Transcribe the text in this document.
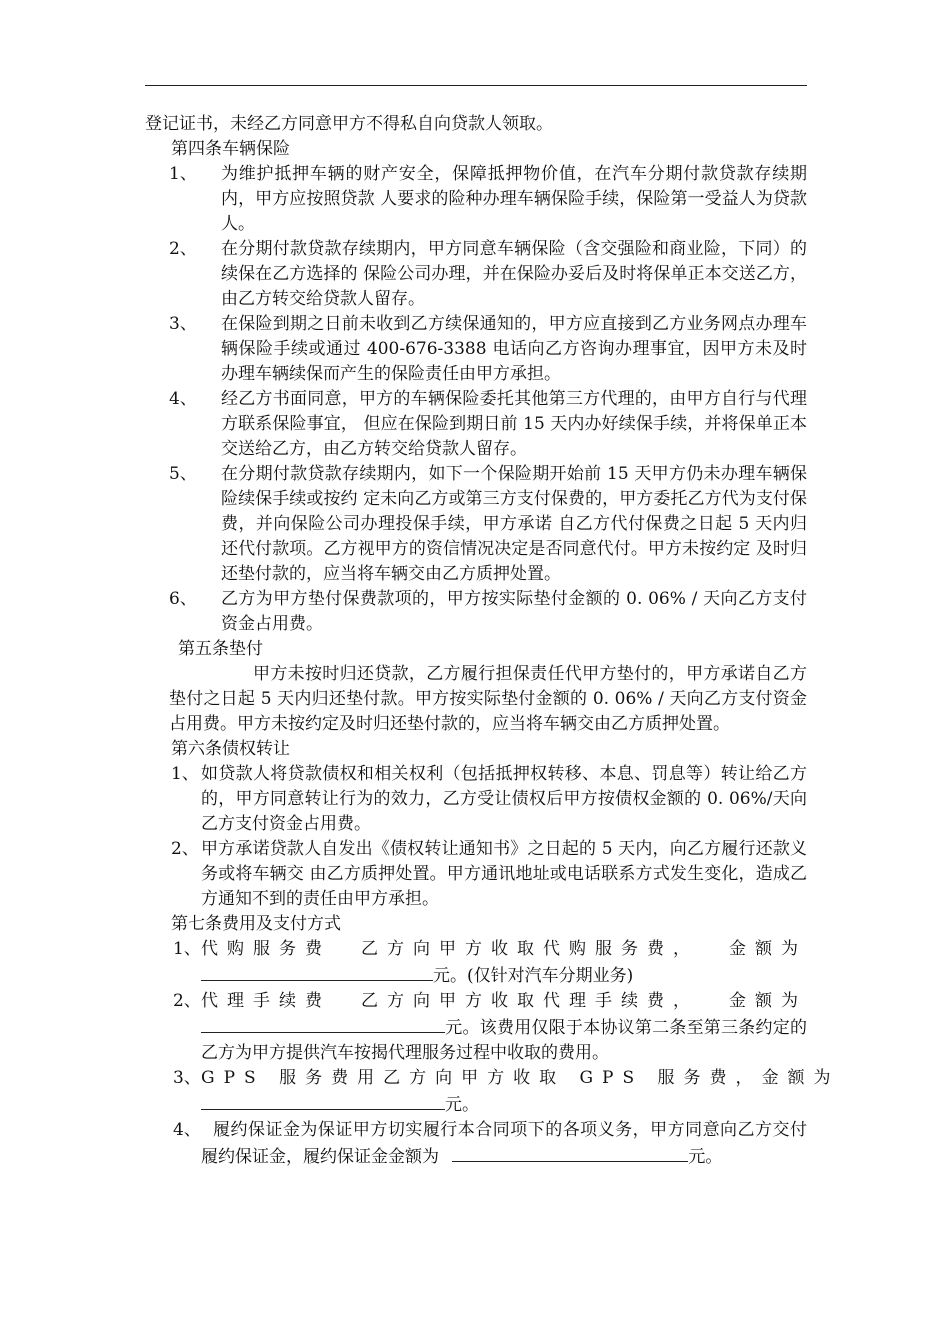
登记证书，未经乙方同意甲方不得私自向贷款人领取。
第四条车辆保险
1、 为维护抵押车辆的财产安全，保障抵押物价值，在汽车分期付款贷款存续期内，甲方应按照贷款 人要求的险种办理车辆保险手续，保险第一受益人为贷款人。
2、 在分期付款贷款存续期内，甲方同意车辆保险（含交强险和商业险，下同）的续保在乙方选择的 保险公司办理，并在保险办妥后及时将保单正本交送乙方，由乙方转交给贷款人留存。
3、 在保险到期之日前未收到乙方续保通知的，甲方应直接到乙方业务网点办理车辆保险手续或通过 400-676-3388 电话向乙方咨询办理事宜，因甲方未及时办理车辆续保而产生的保险责任由甲方承担。
4、 经乙方书面同意，甲方的车辆保险委托其他第三方代理的，由甲方自行与代理方联系保险事宜， 但应在保险到期日前 15 天内办好续保手续，并将保单正本交送给乙方，由乙方转交给贷款人留存。
5、 在分期付款贷款存续期内，如下一个保险期开始前 15 天甲方仍未办理车辆保险续保手续或按约 定未向乙方或第三方支付保费的，甲方委托乙方代为支付保费，并向保险公司办理投保手续，甲方承诺 自乙方代付保费之日起 5 天内归还代付款项。乙方视甲方的资信情况决定是否同意代付。甲方未按约定 及时归还垫付款的，应当将车辆交由乙方质押处置。
6、 乙方为甲方垫付保费款项的，甲方按实际垫付金额的 0. 06% / 天向乙方支付资金占用费。
第五条垫付
甲方未按时归还贷款，乙方履行担保责任代甲方垫付的，甲方承诺自乙方垫付之日起 5 天内归还垫付款。甲方按实际垫付金额的 0. 06% / 天向乙方支付资金占用费。甲方未按约定及时归还垫付款的，应当将车辆交由乙方质押处置。
第六条债权转让
1、 如贷款人将贷款债权和相关权利（包括抵押权转移、本息、罚息等）转让给乙方的，甲方同意转让行为的效力，乙方受让债权后甲方按债权金额的 0. 06%/天向乙方支付资金占用费。
2、 甲方承诺贷款人自发出《债权转让通知书》之日起的 5 天内，向乙方履行还款义务或将车辆交 由乙方质押处置。甲方通讯地址或电话联系方式发生变化，造成乙方通知不到的责任由甲方承担。
第七条费用及支付方式
1、 代购服务费 乙方向甲方收取代购服务费， 金额为
元。(仅针对汽车分期业务)
2、 代理手续费 乙方向甲方收取代理手续费， 金额为
元。该费用仅限于本协议第二条至第三条约定的乙方为甲方提供汽车按揭代理服务过程中收取的费用。
3、 GPS 服务费用 乙方向甲方收取 GPS 服务费， 金额为
元。
4、 履约保证金为保证甲方切实履行本合同项下的各项义务，甲方同意向乙方交付履约保证金，履约保证金金额为	元。
